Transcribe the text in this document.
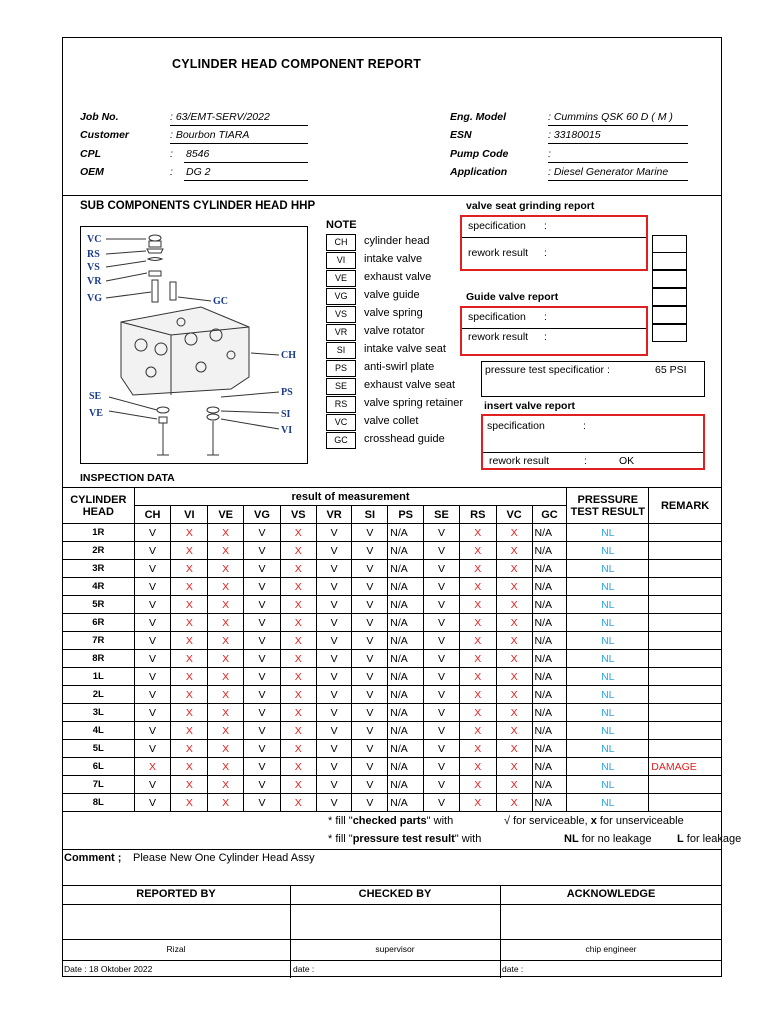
CYLINDER HEAD COMPONENT REPORT
Job No.	: 63/EMT-SERV/2022
Customer	: Bourbon TIARA
CPL	: 8546
OEM	: DG 2
Eng. Model	: Cummins QSK 60 D ( M )
ESN	: 33180015
Pump Code	:
Application	: Diesel Generator Marine
SUB COMPONENTS CYLINDER HEAD HHP
VC
RS
VS
VR
VG	GC
CH
SE
VE
PS
SI
VI
NOTE
CH	cylinder head
VI	intake valve
VE	exhaust valve
VG	valve guide
VS	valve spring
VR	valve rotator
SI	intake valve seat
PS	anti-swirl plate
SE	exhaust valve seat
RS	valve spring retainer
VC	valve collet
GC	crosshead guide
valve seat grinding report
specification :
rework result :
Guide valve report
specification :
rework result :
pressure test specificatior :	65 PSI
insert valve report
specification	:
rework result	:	OK
INSPECTION DATA
CYLINDER HEAD	result of measurement												PRESSURE TEST RESULT	REMARK
	CH	VI	VE	VG	VS	VR	SI	PS	SE	RS	VC	GC		
1R	V	X	X	V	X	V	V	N/A	V	X	X	N/A	NL	
2R	V	X	X	V	X	V	V	N/A	V	X	X	N/A	NL	
3R	V	X	X	V	X	V	V	N/A	V	X	X	N/A	NL	
4R	V	X	X	V	X	V	V	N/A	V	X	X	N/A	NL	
5R	V	X	X	V	X	V	V	N/A	V	X	X	N/A	NL	
6R	V	X	X	V	X	V	V	N/A	V	X	X	N/A	NL	
7R	V	X	X	V	X	V	V	N/A	V	X	X	N/A	NL	
8R	V	X	X	V	X	V	V	N/A	V	X	X	N/A	NL	
1L	V	X	X	V	X	V	V	N/A	V	X	X	N/A	NL	
2L	V	X	X	V	X	V	V	N/A	V	X	X	N/A	NL	
3L	V	X	X	V	X	V	V	N/A	V	X	X	N/A	NL	
4L	V	X	X	V	X	V	V	N/A	V	X	X	N/A	NL	
5L	V	X	X	V	X	V	V	N/A	V	X	X	N/A	NL	
6L	X	X	X	V	X	V	V	N/A	V	X	X	N/A	NL	DAMAGE
7L	V	X	X	V	X	V	V	N/A	V	X	X	N/A	NL	
8L	V	X	X	V	X	V	V	N/A	V	X	X	N/A	NL	
* fill "checked parts" with	√ for serviceable, x for unserviceable
* fill "pressure test result" with	NL for no leakage L for leakage
Comment ; Please New One Cylinder Head Assy
REPORTED BY	CHECKED BY	ACKNOWLEDGE
Rizal	supervisor	chip engineer
Date : 18 Oktober 2022	date :	date :
